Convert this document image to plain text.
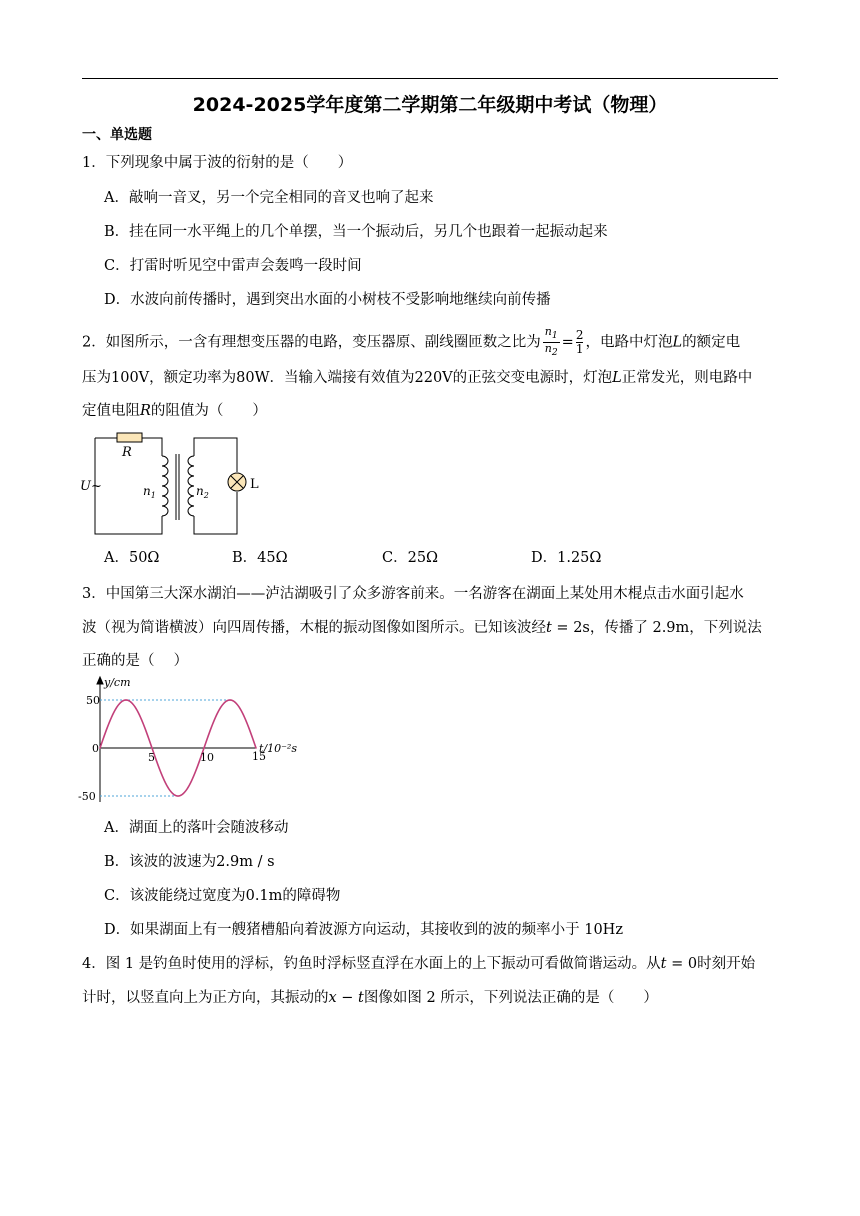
2024-2025学年度第二学期第二年级期中考试（物理）
一、单选题
1．下列现象中属于波的衍射的是（　　）
A．敲响一音叉，另一个完全相同的音叉也响了起来
B．挂在同一水平绳上的几个单摆，当一个振动后，另几个也跟着一起振动起来
C．打雷时听见空中雷声会轰鸣一段时间
D．水波向前传播时，遇到突出水面的小树枝不受影响地继续向前传播
2．如图所示，一含有理想变压器的电路，变压器原、副线圈匝数之比为 $\frac{n_1}{n_2} = \frac{2}{1}$ ，电路中灯泡L的额定电
压为100V，额定功率为80W．当输入端接有效值为220V的正弦交变电源时，灯泡L正常发光，则电路中
定值电阻R的阻值为（　　）
R
U~	$n_1$	$n_2$
L
A．50Ω	B．45Ω	C．25Ω	D．1.25Ω
3．中国第三大深水湖泊——泸沽湖吸引了众多游客前来。一名游客在湖面上某处用木棍点击水面引起水
波（视为简谐横波）向四周传播，木棍的振动图像如图所示。已知该波经t = 2s，传播了 2.9m，下列说法
正确的是（　 ）
y/cm
t/10⁻²s
5	10	15
50
0
-50
A．湖面上的落叶会随波移动
B．该波的波速为2.9m / s
C．该波能绕过宽度为0.1m的障碍物
D．如果湖面上有一艘猪槽船向着波源方向运动，其接收到的波的频率小于 10Hz
4．图 1 是钓鱼时使用的浮标，钓鱼时浮标竖直浮在水面上的上下振动可看做简谐运动。从t = 0时刻开始
计时，以竖直向上为正方向，其振动的x − t图像如图 2 所示，下列说法正确的是（　　）
